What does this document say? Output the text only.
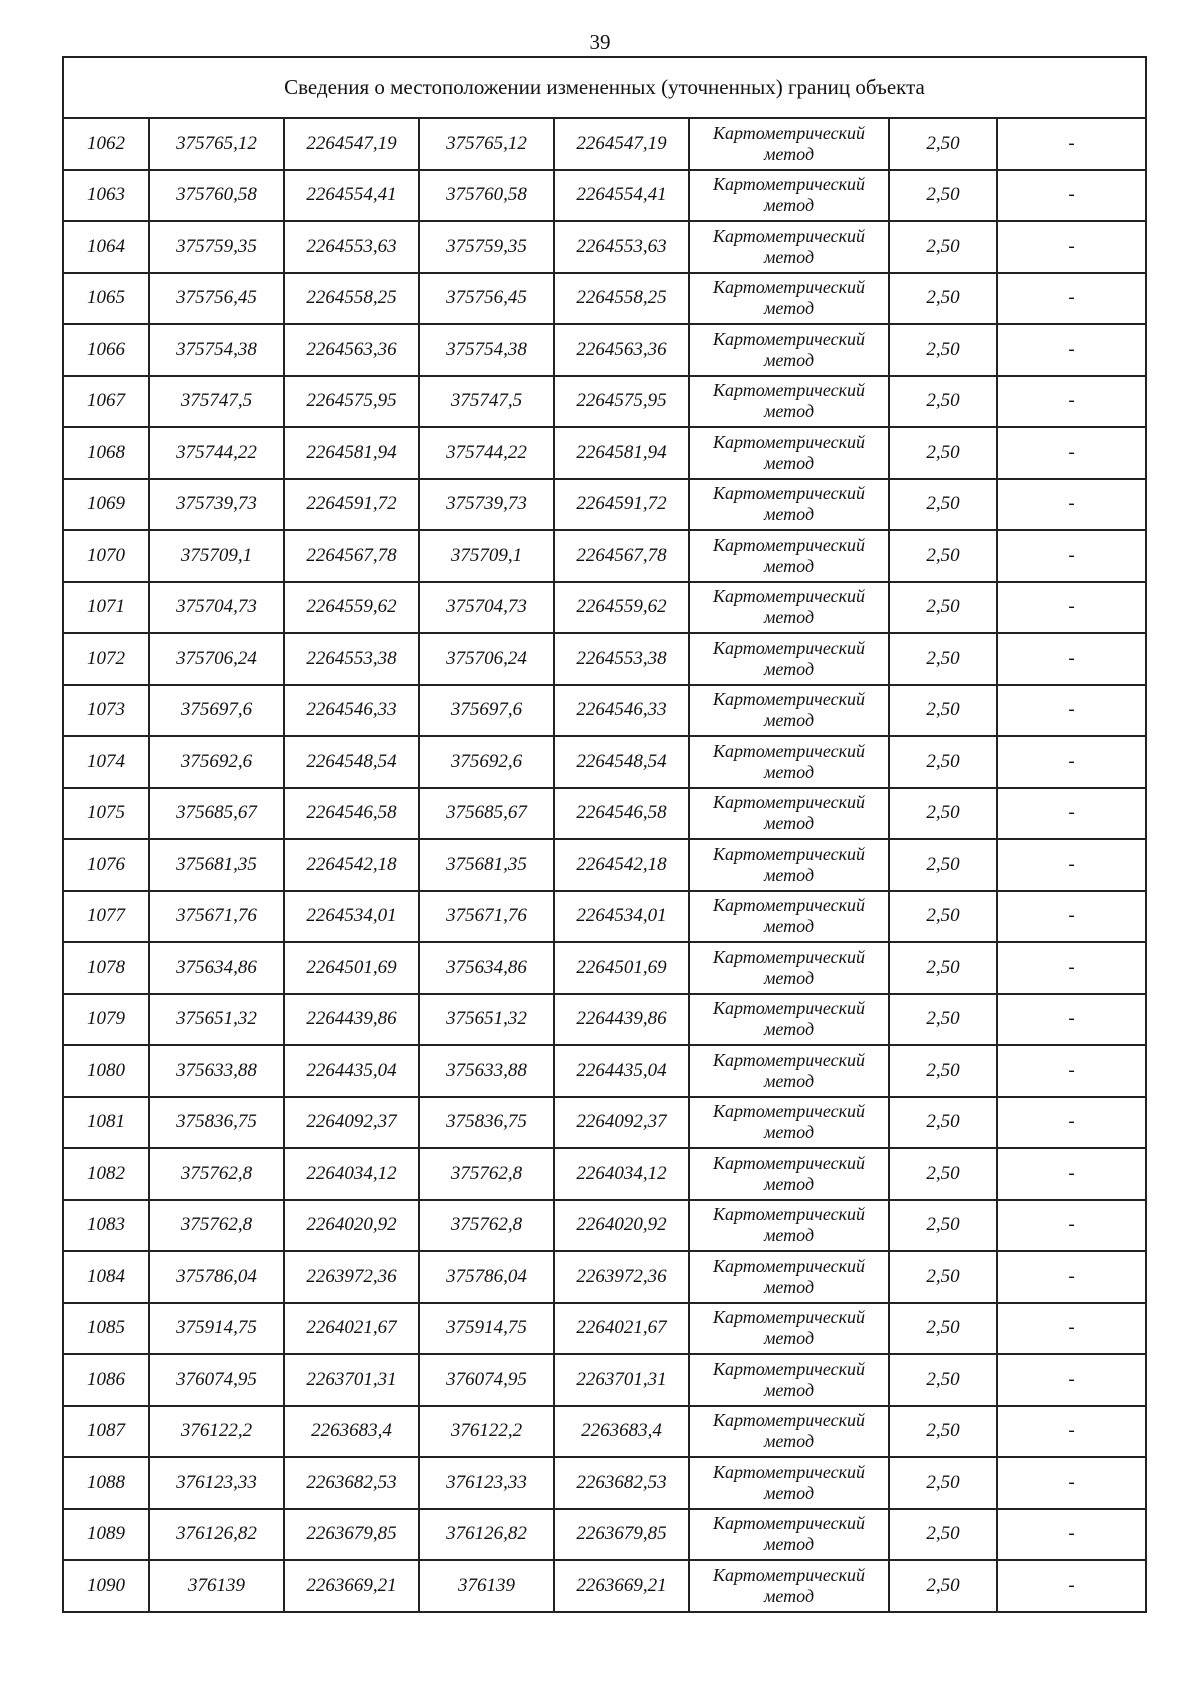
39
Сведения о местоположении измененных (уточненных) границ объекта							
1062	375765,12	2264547,19	375765,12	2264547,19	Картометрический метод	2,50	-
1063	375760,58	2264554,41	375760,58	2264554,41	Картометрический метод	2,50	-
1064	375759,35	2264553,63	375759,35	2264553,63	Картометрический метод	2,50	-
1065	375756,45	2264558,25	375756,45	2264558,25	Картометрический метод	2,50	-
1066	375754,38	2264563,36	375754,38	2264563,36	Картометрический метод	2,50	-
1067	375747,5	2264575,95	375747,5	2264575,95	Картометрический метод	2,50	-
1068	375744,22	2264581,94	375744,22	2264581,94	Картометрический метод	2,50	-
1069	375739,73	2264591,72	375739,73	2264591,72	Картометрический метод	2,50	-
1070	375709,1	2264567,78	375709,1	2264567,78	Картометрический метод	2,50	-
1071	375704,73	2264559,62	375704,73	2264559,62	Картометрический метод	2,50	-
1072	375706,24	2264553,38	375706,24	2264553,38	Картометрический метод	2,50	-
1073	375697,6	2264546,33	375697,6	2264546,33	Картометрический метод	2,50	-
1074	375692,6	2264548,54	375692,6	2264548,54	Картометрический метод	2,50	-
1075	375685,67	2264546,58	375685,67	2264546,58	Картометрический метод	2,50	-
1076	375681,35	2264542,18	375681,35	2264542,18	Картометрический метод	2,50	-
1077	375671,76	2264534,01	375671,76	2264534,01	Картометрический метод	2,50	-
1078	375634,86	2264501,69	375634,86	2264501,69	Картометрический метод	2,50	-
1079	375651,32	2264439,86	375651,32	2264439,86	Картометрический метод	2,50	-
1080	375633,88	2264435,04	375633,88	2264435,04	Картометрический метод	2,50	-
1081	375836,75	2264092,37	375836,75	2264092,37	Картометрический метод	2,50	-
1082	375762,8	2264034,12	375762,8	2264034,12	Картометрический метод	2,50	-
1083	375762,8	2264020,92	375762,8	2264020,92	Картометрический метод	2,50	-
1084	375786,04	2263972,36	375786,04	2263972,36	Картометрический метод	2,50	-
1085	375914,75	2264021,67	375914,75	2264021,67	Картометрический метод	2,50	-
1086	376074,95	2263701,31	376074,95	2263701,31	Картометрический метод	2,50	-
1087	376122,2	2263683,4	376122,2	2263683,4	Картометрический метод	2,50	-
1088	376123,33	2263682,53	376123,33	2263682,53	Картометрический метод	2,50	-
1089	376126,82	2263679,85	376126,82	2263679,85	Картометрический метод	2,50	-
1090	376139	2263669,21	376139	2263669,21	Картометрический метод	2,50	-
